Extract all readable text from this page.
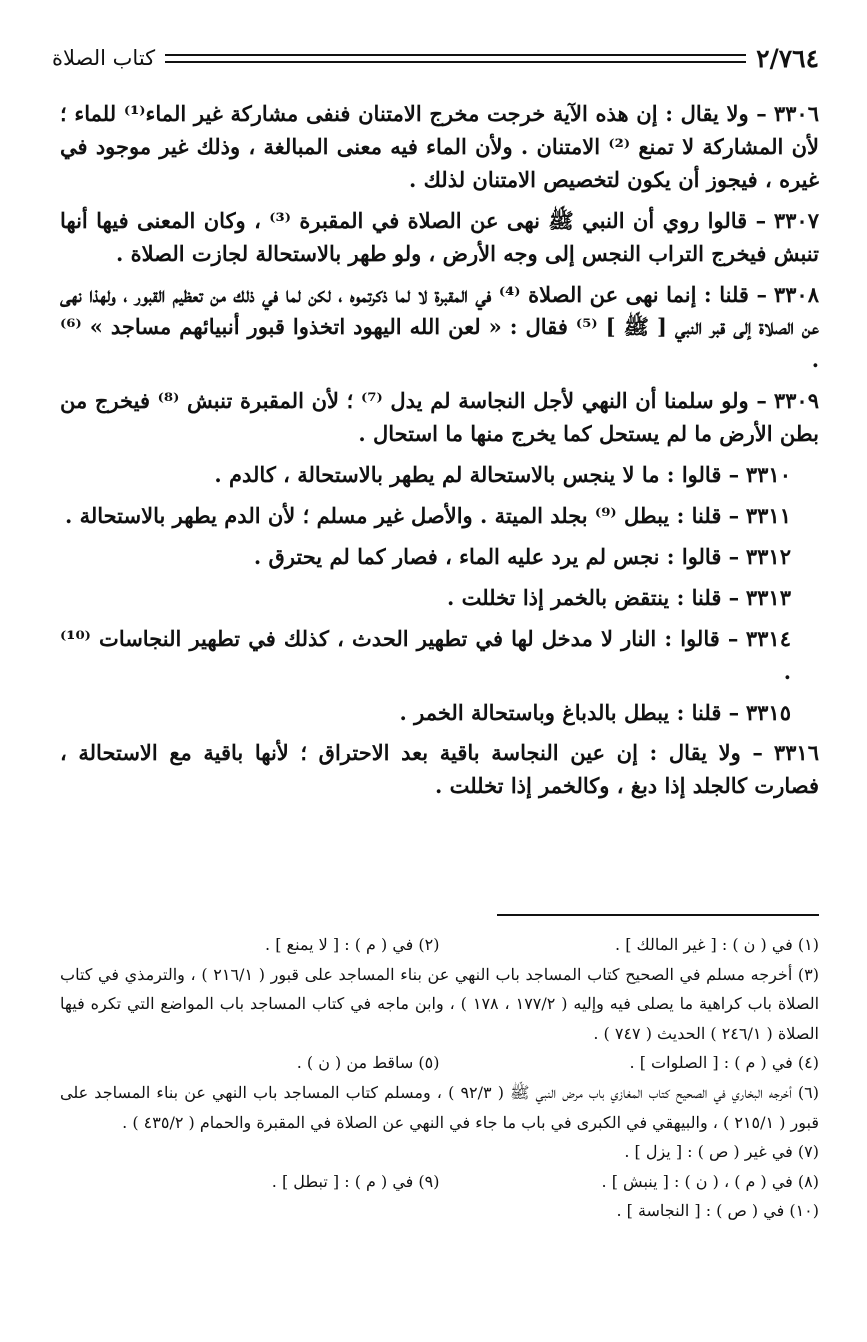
٢/٧٦٤
كتاب الصلاة

٣٣٠٦ – ولا يقال : إن هذه الآية خرجت مخرج الامتنان فنفى مشاركة غير الماء⁽¹⁾ للماء ؛ لأن المشاركة لا تمنع ⁽²⁾ الامتنان . ولأن الماء فيه معنى المبالغة ، وذلك غير موجود في غيره ، فيجوز أن يكون لتخصيص الامتنان لذلك .

٣٣٠٧ – قالوا روي أن النبي ﷺ نهى عن الصلاة في المقبرة ⁽³⁾ ، وكان المعنى فيها أنها تنبش فيخرج التراب النجس إلى وجه الأرض ، ولو طهر بالاستحالة لجازت الصلاة .

٣٣٠٨ – قلنا : إنما نهى عن الصلاة ⁽⁴⁾ في المقبرة لا لما ذكرتموه ، لكن لما في ذلك من تعظيم القبور ، ولهذا نهى عن الصلاة إلى قبر النبي [ ﷺ ] ⁽⁵⁾ فقال : « لعن الله اليهود اتخذوا قبور أنبيائهم مساجد » ⁽⁶⁾ .

٣٣٠٩ – ولو سلمنا أن النهي لأجل النجاسة لم يدل ⁽⁷⁾ ؛ لأن المقبرة تنبش ⁽⁸⁾ فيخرج من بطن الأرض ما لم يستحل كما يخرج منها ما استحال .

٣٣١٠ – قالوا : ما لا ينجس بالاستحالة لم يطهر بالاستحالة ، كالدم .

٣٣١١ – قلنا : يبطل ⁽⁹⁾ بجلد الميتة . والأصل غير مسلم ؛ لأن الدم يطهر بالاستحالة .

٣٣١٢ – قالوا : نجس لم يرد عليه الماء ، فصار كما لم يحترق .

٣٣١٣ – قلنا : ينتقض بالخمر إذا تخللت .

٣٣١٤ – قالوا : النار لا مدخل لها في تطهير الحدث ، كذلك في تطهير النجاسات ⁽¹⁰⁾ .

٣٣١٥ – قلنا : يبطل بالدباغ وباستحالة الخمر .

٣٣١٦ – ولا يقال : إن عين النجاسة باقية بعد الاحتراق ؛ لأنها باقية مع الاستحالة ، فصارت كالجلد إذا دبغ ، وكالخمر إذا تخللت .

(١) في ( ن ) : [ غير المالك ] .
(٢) في ( م ) : [ لا يمنع ] .
(٣) أخرجه مسلم في الصحيح كتاب المساجد باب النهي عن بناء المساجد على قبور ( ٢١٦/١ ) ، والترمذي في كتاب الصلاة باب كراهية ما يصلى فيه وإليه ( ١٧٧/٢ ، ١٧٨ ) ، وابن ماجه في كتاب المساجد باب المواضع التي تكره فيها الصلاة ( ٢٤٦/١ ) الحديث ( ٧٤٧ ) .
(٤) في ( م ) : [ الصلوات ] .
(٥) ساقط من ( ن ) .
(٦) أخرجه البخاري في الصحيح كتاب المغازي باب مرض النبي ﷺ ( ٩٢/٣ ) ، ومسلم كتاب المساجد باب النهي عن بناء المساجد على قبور ( ٢١٥/١ ) ، والبيهقي في الكبرى في باب ما جاء في النهي عن الصلاة في المقبرة والحمام ( ٤٣٥/٢ ) .
(٧) في غير ( ص ) : [ يزل ] .
(٨) في ( م ) ، ( ن ) : [ ينبش ] .
(٩) في ( م ) : [ تبطل ] .
(١٠) في ( ص ) : [ النجاسة ] .
